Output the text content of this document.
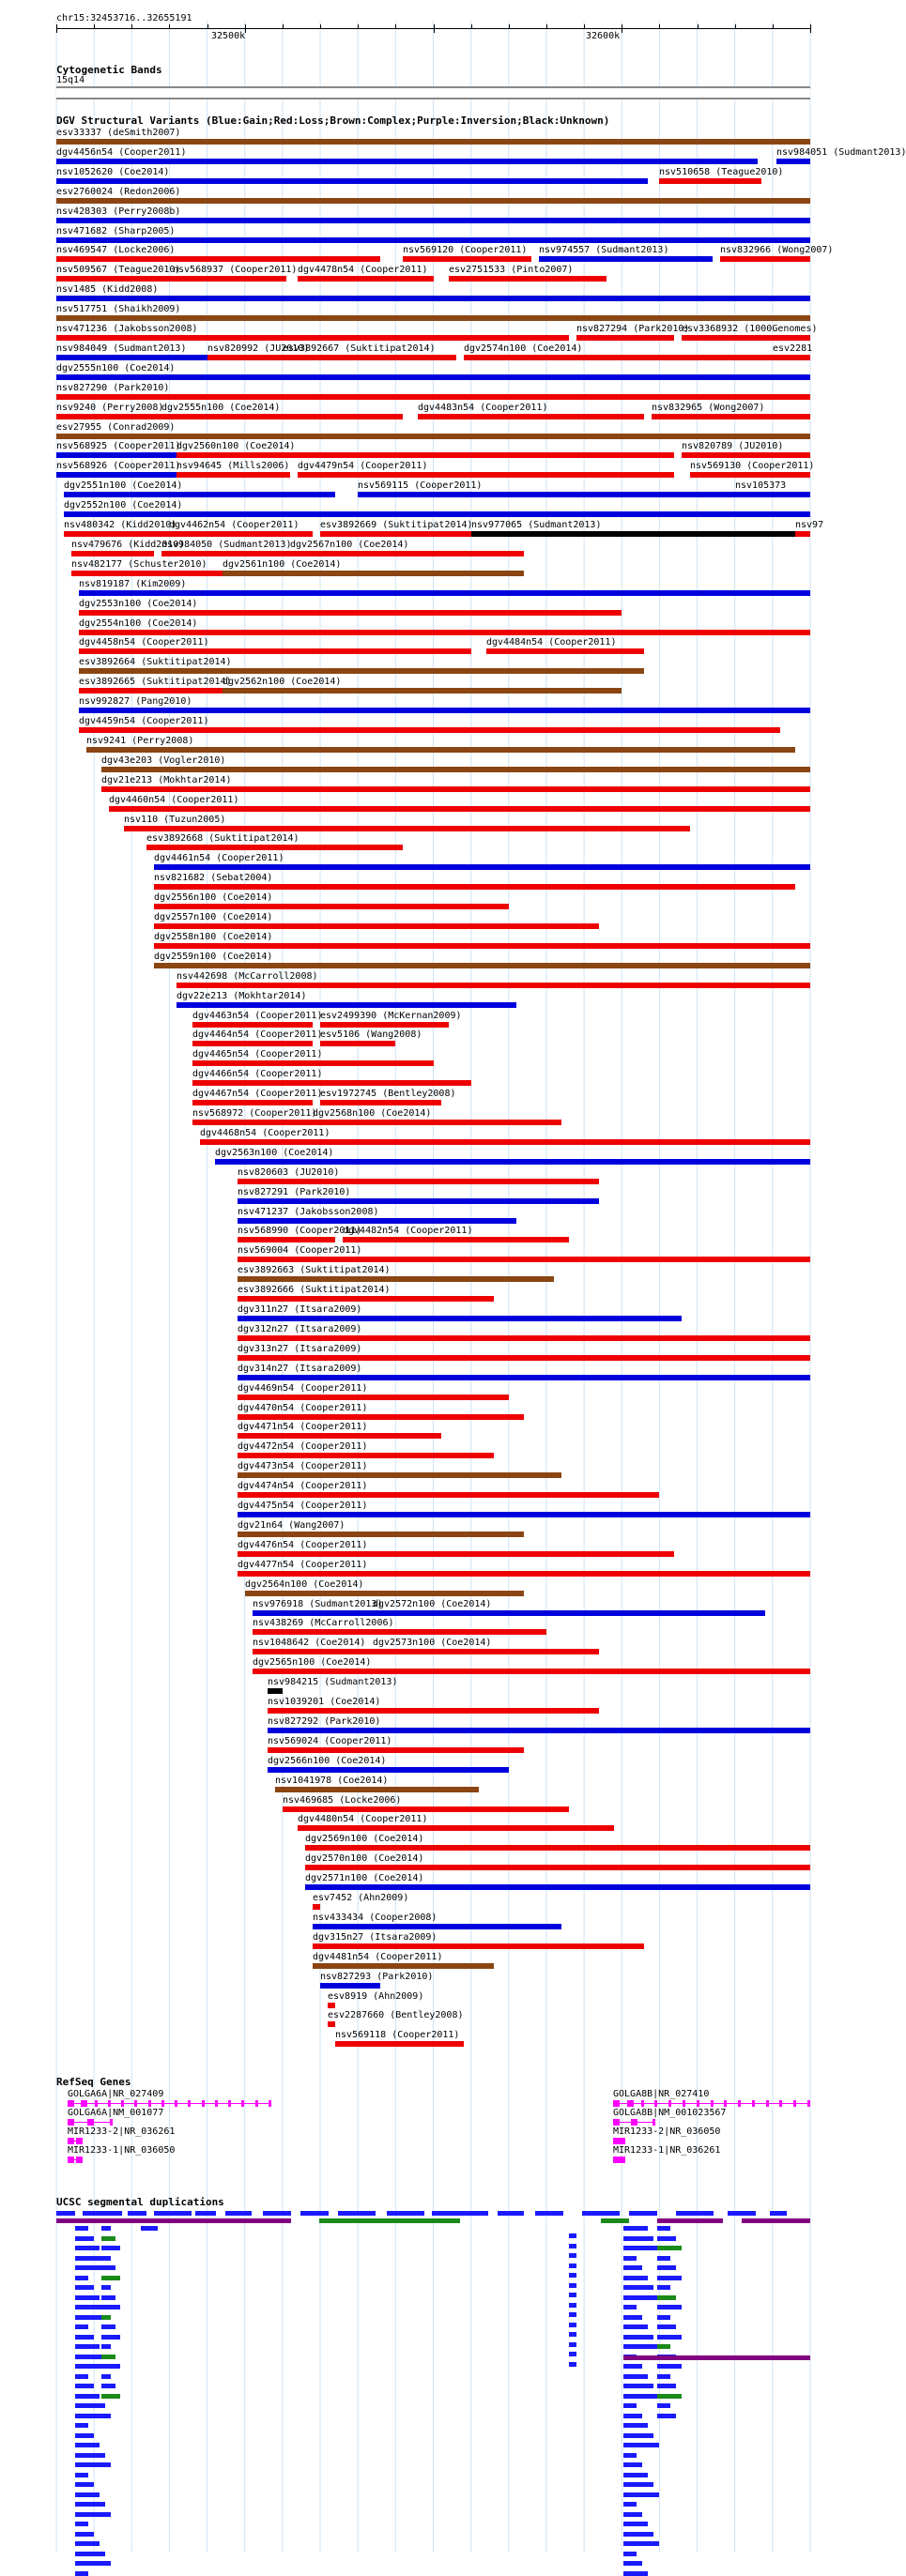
chr15:32453716..32655191
32500k	32600k
Cytogenetic Bands
15q14
DGV Structural Variants (Blue:Gain;Red:Loss;Brown:Complex;Purple:Inversion;Black:Unknown)
esv33337 (deSmith2007)
dgv4456n54 (Cooper2011)	nsv984051 (Sudmant2013)
nsv1052620 (Coe2014)	nsv510658 (Teague2010)
esv2760024 (Redon2006)
nsv428303 (Perry2008b)
nsv471682 (Sharp2005)
nsv469547 (Locke2006)	nsv569120 (Cooper2011) nsv974557 (Sudmant2013)	nsv832966 (Wong2007)
nsv509567 (Teague2010)
nsv568937 (Cooper2011) dgv4478n54 (Cooper2011) esv2751533 (Pinto2007)
nsv1485 (Kidd2008)
nsv517751 (Shaikh2009)
nsv471236 (Jakobsson2008)	nsv827294 (Park2010)
esv3368932 (1000Genomes)
nsv984049 (Sudmant2013) nsv820992 (JU2010)
esv3892667 (Suktitipat2014)	dgv2574n100 (Coe2014)	esv2281
dgv2555n100 (Coe2014)
nsv827290 (Park2010)
nsv9240 (Perry2008)
dgv2555n100 (Coe2014)	dgv4483n54 (Cooper2011)	nsv832965 (Wong2007)
esv27955 (Conrad2009)
nsv568925 (Cooper2011)
dgv2560n100 (Coe2014)	nsv820789 (JU2010)
nsv568926 (Cooper2011)
nsv94645 (Mills2006) dgv4479n54 (Cooper2011)	nsv569130 (Cooper2011)
dgv2551n100 (Coe2014)	nsv569115 (Cooper2011)	nsv105373
dgv2552n100 (Coe2014)
nsv480342 (Kidd2010)
dgv4462n54 (Cooper2011) esv3892669 (Suktitipat2014)
nsv977065 (Sudmant2013)	nsv97
nsv479676 (Kidd2010)
nsv984050 (Sudmant2013)
dgv2567n100 (Coe2014)
nsv482177 (Schuster2010) dgv2561n100 (Coe2014)
nsv819187 (Kim2009)
dgv2553n100 (Coe2014)
dgv2554n100 (Coe2014)
dgv4458n54 (Cooper2011)	dgv4484n54 (Cooper2011)
esv3892664 (Suktitipat2014)
esv3892665 (Suktitipat2014)
dgv2562n100 (Coe2014)
nsv992827 (Pang2010)
dgv4459n54 (Cooper2011)
nsv9241 (Perry2008)
dgv43e203 (Vogler2010)
dgv21e213 (Mokhtar2014)
dgv4460n54 (Cooper2011)
nsv110 (Tuzun2005)
esv3892668 (Suktitipat2014)
dgv4461n54 (Cooper2011)
nsv821682 (Sebat2004)
dgv2556n100 (Coe2014)
dgv2557n100 (Coe2014)
dgv2558n100 (Coe2014)
dgv2559n100 (Coe2014)
nsv442698 (McCarroll2008)
dgv22e213 (Mokhtar2014)
dgv4463n54 (Cooper2011)
esv2499390 (McKernan2009)
dgv4464n54 (Cooper2011)
esv5106 (Wang2008)
dgv4465n54 (Cooper2011)
dgv4466n54 (Cooper2011)
dgv4467n54 (Cooper2011)
esv1972745 (Bentley2008)
nsv568972 (Cooper2011)
dgv2568n100 (Coe2014)
dgv4468n54 (Cooper2011)
dgv2563n100 (Coe2014)
nsv820603 (JU2010)
nsv827291 (Park2010)
nsv471237 (Jakobsson2008)
nsv568990 (Cooper2011)
dgv4482n54 (Cooper2011)
nsv569004 (Cooper2011)
esv3892663 (Suktitipat2014)
esv3892666 (Suktitipat2014)
dgv311n27 (Itsara2009)
dgv312n27 (Itsara2009)
dgv313n27 (Itsara2009)
dgv314n27 (Itsara2009)
dgv4469n54 (Cooper2011)
dgv4470n54 (Cooper2011)
dgv4471n54 (Cooper2011)
dgv4472n54 (Cooper2011)
dgv4473n54 (Cooper2011)
dgv4474n54 (Cooper2011)
dgv4475n54 (Cooper2011)
dgv21n64 (Wang2007)
dgv4476n54 (Cooper2011)
dgv4477n54 (Cooper2011)
dgv2564n100 (Coe2014)
nsv976918 (Sudmant2013)
dgv2572n100 (Coe2014)
nsv438269 (McCarroll2006)
nsv1048642 (Coe2014) dgv2573n100 (Coe2014)
dgv2565n100 (Coe2014)
nsv984215 (Sudmant2013)
nsv1039201 (Coe2014)
nsv827292 (Park2010)
nsv569024 (Cooper2011)
dgv2566n100 (Coe2014)
nsv1041978 (Coe2014)
nsv469685 (Locke2006)
dgv4480n54 (Cooper2011)
dgv2569n100 (Coe2014)
dgv2570n100 (Coe2014)
dgv2571n100 (Coe2014)
esv7452 (Ahn2009)
nsv433434 (Cooper2008)
dgv315n27 (Itsara2009)
dgv4481n54 (Cooper2011)
nsv827293 (Park2010)
esv8919 (Ahn2009)
esv2287660 (Bentley2008)
nsv569118 (Cooper2011)
RefSeq Genes
GOLGA6A|NR_027409
GOLGA6A|NM_001077
MIR1233-2|NR_036261
MIR1233-1|NR_036050
GOLGA8B|NR_027410
GOLGA8B|NM_001023567
MIR1233-2|NR_036050
MIR1233-1|NR_036261
UCSC segmental duplications
